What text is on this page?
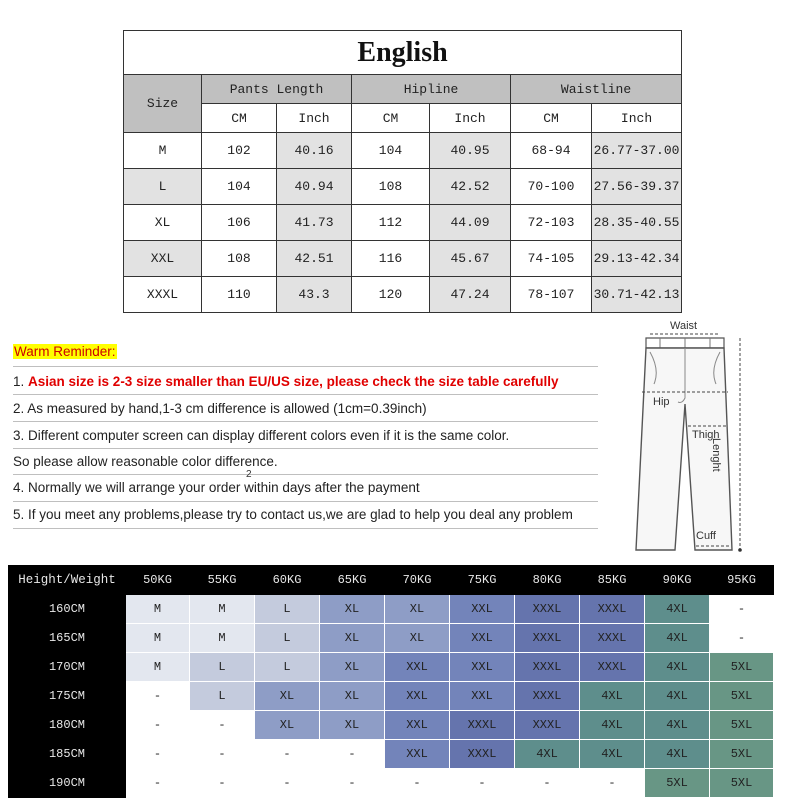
English						
Size	Pants Length		Hipline		Waistline	
	CM	Inch	CM	Inch	CM	Inch
M	102	40.16	104	40.95	68-94	26.77-37.00
L	104	40.94	108	42.52	70-100	27.56-39.37
XL	106	41.73	112	44.09	72-103	28.35-40.55
XXL	108	42.51	116	45.67	74-105	29.13-42.34
XXXL	110	43.3	120	47.24	78-107	30.71-42.13
Warm Reminder:
1. Asian size is 2-3 size smaller than EU/US size, please check the size table carefully
2. As measured by hand,1-3 cm difference is allowed (1cm=0.39inch)
3. Different computer screen can display different colors even if it is the same color.
So please allow reasonable color difference.
4. Normally we will arrange your order within days after the payment
2
5. If you meet any problems,please try to contact us,we are glad to help you deal any problem
Waist
Hip
Thigh
Lenght
Cuff
Height/Weight	50KG	55KG	60KG	65KG	70KG	75KG	80KG	85KG	90KG	95KG
160CM	M	M	L	XL	XL	XXL	XXXL	XXXL	4XL	-
165CM	M	M	L	XL	XL	XXL	XXXL	XXXL	4XL	-
170CM	M	L	L	XL	XXL	XXL	XXXL	XXXL	4XL	5XL
175CM	-	L	XL	XL	XXL	XXL	XXXL	4XL	4XL	5XL
180CM	-	-	XL	XL	XXL	XXXL	XXXL	4XL	4XL	5XL
185CM	-	-	-	-	XXL	XXXL	4XL	4XL	4XL	5XL
190CM	-	-	-	-	-	-	-	-	5XL	5XL
